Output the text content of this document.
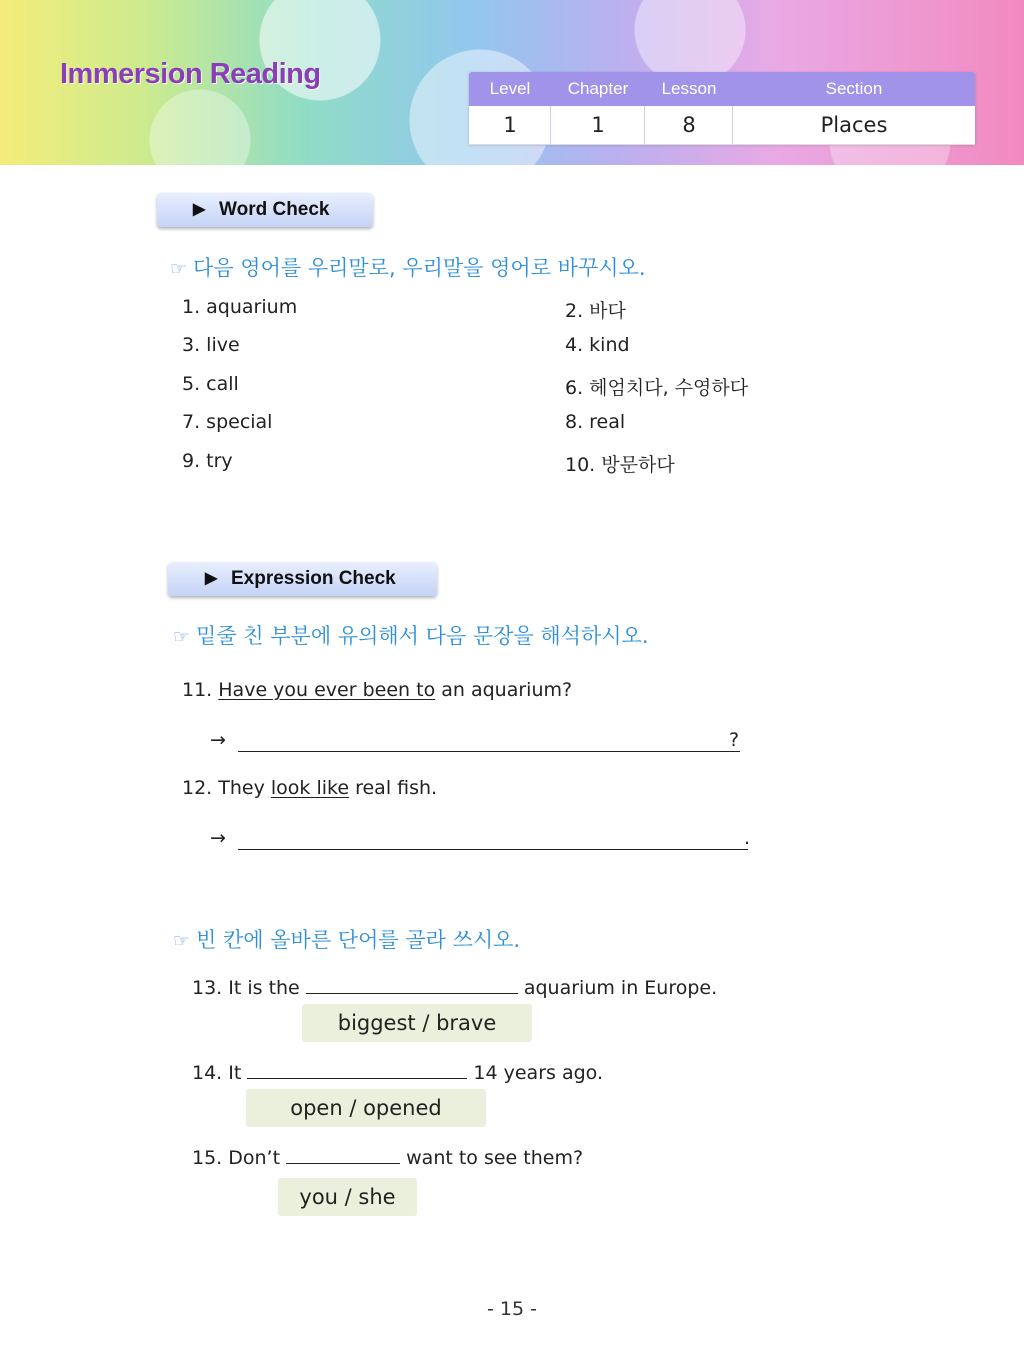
Immersion Reading	Level	Chapter	Lesson	Section
1	1	8	Places
▶ Word Check
☞ 다음 영어를 우리말로, 우리말을 영어로 바꾸시오.
1. aquarium	2. 바다
3. live	4. kind
5. call	6. 헤엄치다, 수영하다
7. special	8. real
9. try	10. 방문하다
▶ Expression Check
☞ 밑줄 친 부분에 유의해서 다음 문장을 해석하시오.
11. Have you ever been to an aquarium?
→	?
12. They look like real fish.
→	.
☞ 빈 칸에 올바른 단어를 골라 쓰시오.
13. It is the	aquarium in Europe.
biggest / brave
14. It	14 years ago.
open / opened
15. Don’t	want to see them?
you / she
- 15 -
